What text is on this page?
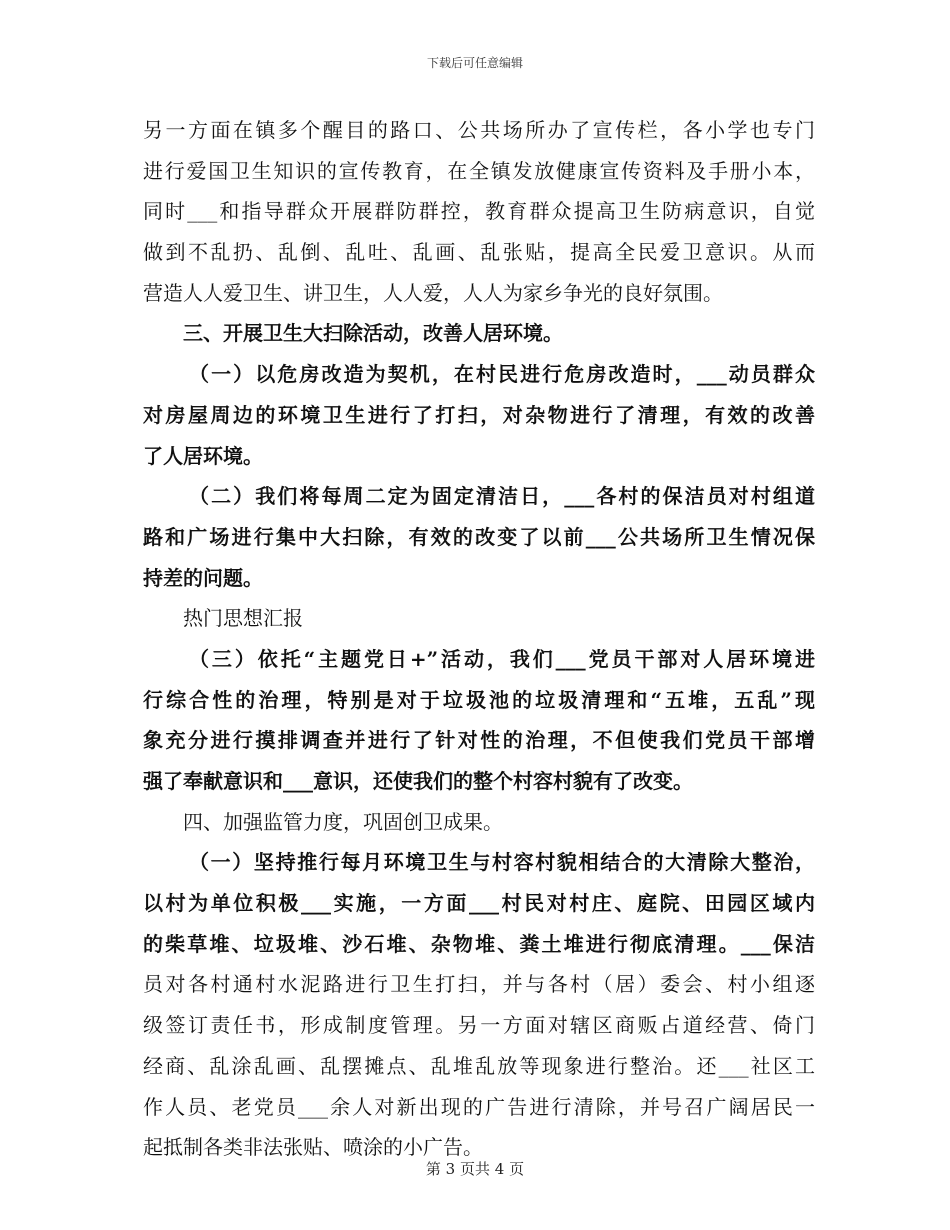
下载后可任意编辑
另一方面在镇多个醒目的路口、公共场所办了宣传栏，各小学也专门
进行爱国卫生知识的宣传教育，在全镇发放健康宣传资料及手册小本，
同时___和指导群众开展群防群控，教育群众提高卫生防病意识，自觉
做到不乱扔、乱倒、乱吐、乱画、乱张贴，提高全民爱卫意识。从而
营造人人爱卫生、讲卫生，人人爱，人人为家乡争光的良好氛围。
三、开展卫生大扫除活动，改善人居环境。
（一）以危房改造为契机，在村民进行危房改造时，___动员群众
对房屋周边的环境卫生进行了打扫，对杂物进行了清理，有效的改善
了人居环境。
（二）我们将每周二定为固定清洁日，___各村的保洁员对村组道
路和广场进行集中大扫除，有效的改变了以前___公共场所卫生情况保
持差的问题。
热门思想汇报
（三）依托“主题党日+”活动，我们___党员干部对人居环境进
行综合性的治理，特别是对于垃圾池的垃圾清理和“五堆，五乱”现
象充分进行摸排调查并进行了针对性的治理，不但使我们党员干部增
强了奉献意识和___意识，还使我们的整个村容村貌有了改变。
四、加强监管力度，巩固创卫成果。
（一）坚持推行每月环境卫生与村容村貌相结合的大清除大整治，
以村为单位积极___实施，一方面___村民对村庄、庭院、田园区域内
的柴草堆、垃圾堆、沙石堆、杂物堆、粪土堆进行彻底清理。___保洁
员对各村通村水泥路进行卫生打扫，并与各村（居）委会、村小组逐
级签订责任书，形成制度管理。另一方面对辖区商贩占道经营、倚门
经商、乱涂乱画、乱摆摊点、乱堆乱放等现象进行整治。还___社区工
作人员、老党员___余人对新出现的广告进行清除，并号召广阔居民一
起抵制各类非法张贴、喷涂的小广告。
第 3 页共 4 页
